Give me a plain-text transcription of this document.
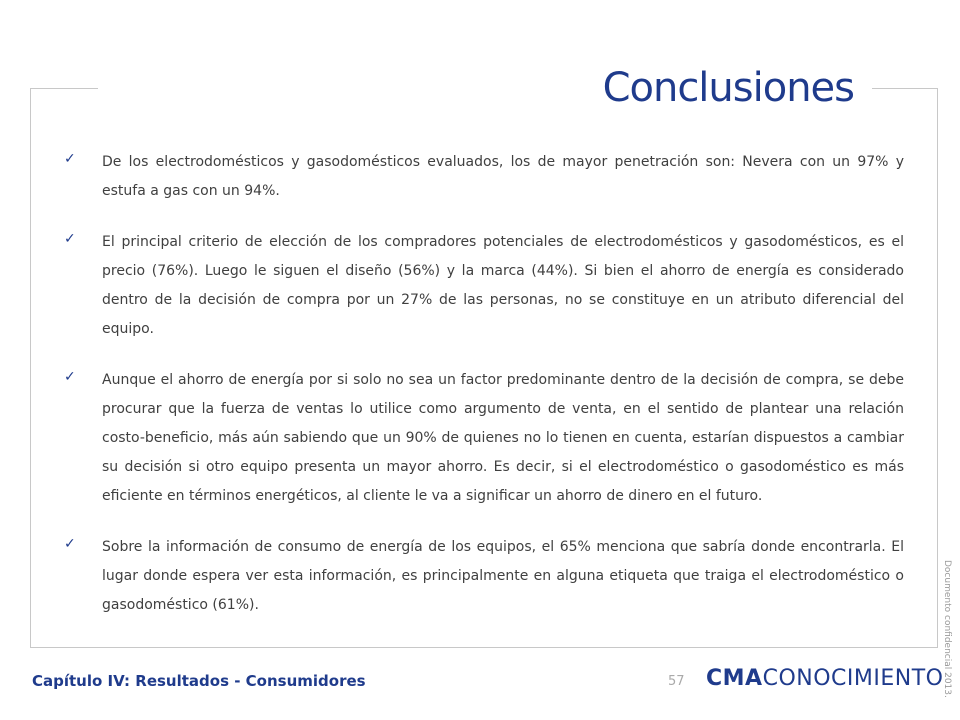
Conclusiones
✓ De los electrodomésticos y gasodomésticos evaluados, los de mayor penetración son: Nevera con un 97% y estufa a gas con un 94%.
✓ El principal criterio de elección de los compradores potenciales de electrodomésticos y gasodomésticos, es el precio (76%). Luego le siguen el diseño (56%) y la marca (44%). Si bien el ahorro de energía es considerado dentro de la decisión de compra por un 27% de las personas, no se constituye en un atributo diferencial del equipo.
✓ Aunque el ahorro de energía por si solo no sea un factor predominante dentro de la decisión de compra, se debe procurar que la fuerza de ventas lo utilice como argumento de venta, en el sentido de plantear una relación costo-beneficio, más aún sabiendo que un 90% de quienes no lo tienen en cuenta, estarían dispuestos a cambiar su decisión si otro equipo presenta un mayor ahorro. Es decir, si el electrodoméstico o gasodoméstico es más eficiente en términos energéticos, al cliente le va a significar un ahorro de dinero en el futuro.
✓ Sobre la información de consumo de energía de los equipos, el 65% menciona que sabría donde encontrarla. El lugar donde espera ver esta información, es principalmente en alguna etiqueta que traiga el electrodoméstico o gasodoméstico (61%).
Capítulo IV: Resultados - Consumidores	57 CMACONOCIMIENTO
Documento confidencial 2013.
